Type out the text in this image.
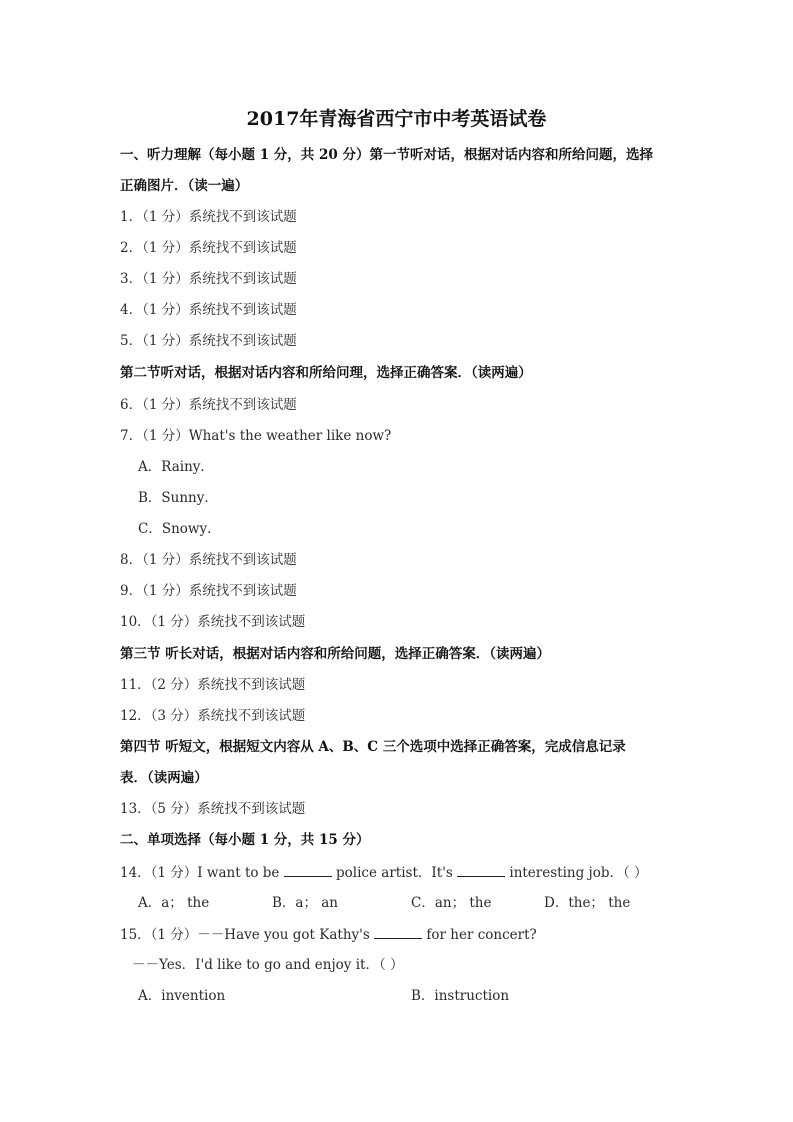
2017年青海省西宁市中考英语试卷
一、听力理解（每小题 1 分，共 20 分）第一节听对话，根据对话内容和所给问题，选择
正确图片．（读一遍）
1．（1 分）系统找不到该试题
2．（1 分）系统找不到该试题
3．（1 分）系统找不到该试题
4．（1 分）系统找不到该试题
5．（1 分）系统找不到该试题
第二节听对话，根据对话内容和所给问理，选择正确答案．（读两遍）
6．（1 分）系统找不到该试题
7．（1 分）What's the weather like now?
A．Rainy．
B．Sunny．
C．Snowy．
8．（1 分）系统找不到该试题
9．（1 分）系统找不到该试题
10．（1 分）系统找不到该试题
第三节 听长对话，根据对话内容和所给问题，选择正确答案．（读两遍）
11．（2 分）系统找不到该试题
12．（3 分）系统找不到该试题
第四节 听短文，根据短文内容从 A、B、C 三个选项中选择正确答案，完成信息记录
表．（读两遍）
13．（5 分）系统找不到该试题
二、单项选择（每小题 1 分，共 15 分）
14．（1 分）I want to be	police artist．It's	interesting job．（ ）
A．a； the	B．a； an	C．an； the	D．the； the
15．（1 分）－－Have you got Kathy's	for her concert?
－－Yes．I'd like to go and enjoy it．（ ）
A．invention	B．instruction
